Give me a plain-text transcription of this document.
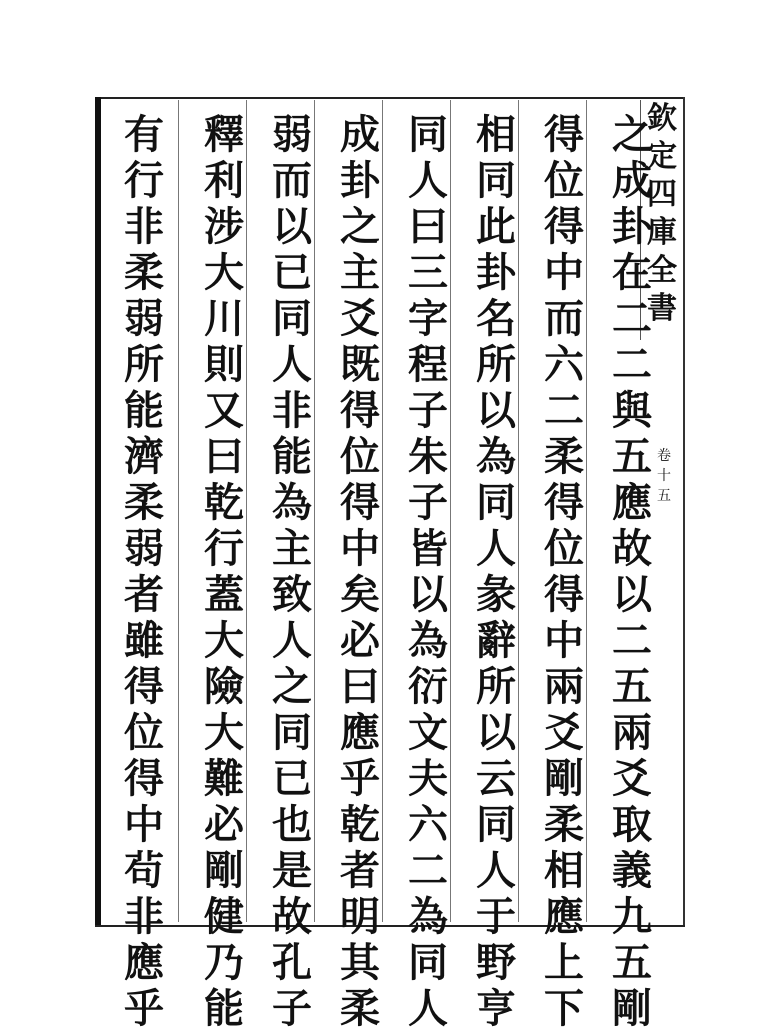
欽
定
四
庫
全
書
卷
十
五
之
成
卦
在
二
二
與
五
應
故
以
二
五
兩
爻
取
義
九
五
剛
得
位
得
中
而
六
二
柔
得
位
得
中
兩
爻
剛
柔
相
應
上
下
相
同
此
卦
名
所
以
為
同
人
彖
辭
所
以
云
同
人
于
野
亨
同
人
曰
三
字
程
子
朱
子
皆
以
為
衍
文
夫
六
二
為
同
人
成
卦
之
主
爻
既
得
位
得
中
矣
必
曰
應
乎
乾
者
明
其
柔
弱
而
以
已
同
人
非
能
為
主
致
人
之
同
已
也
是
故
孔
子
釋
利
涉
大
川
則
又
曰
乾
行
蓋
大
險
大
難
必
剛
健
乃
能
有
行
非
柔
弱
所
能
濟
柔
弱
者
雖
得
位
得
中
茍
非
應
乎
